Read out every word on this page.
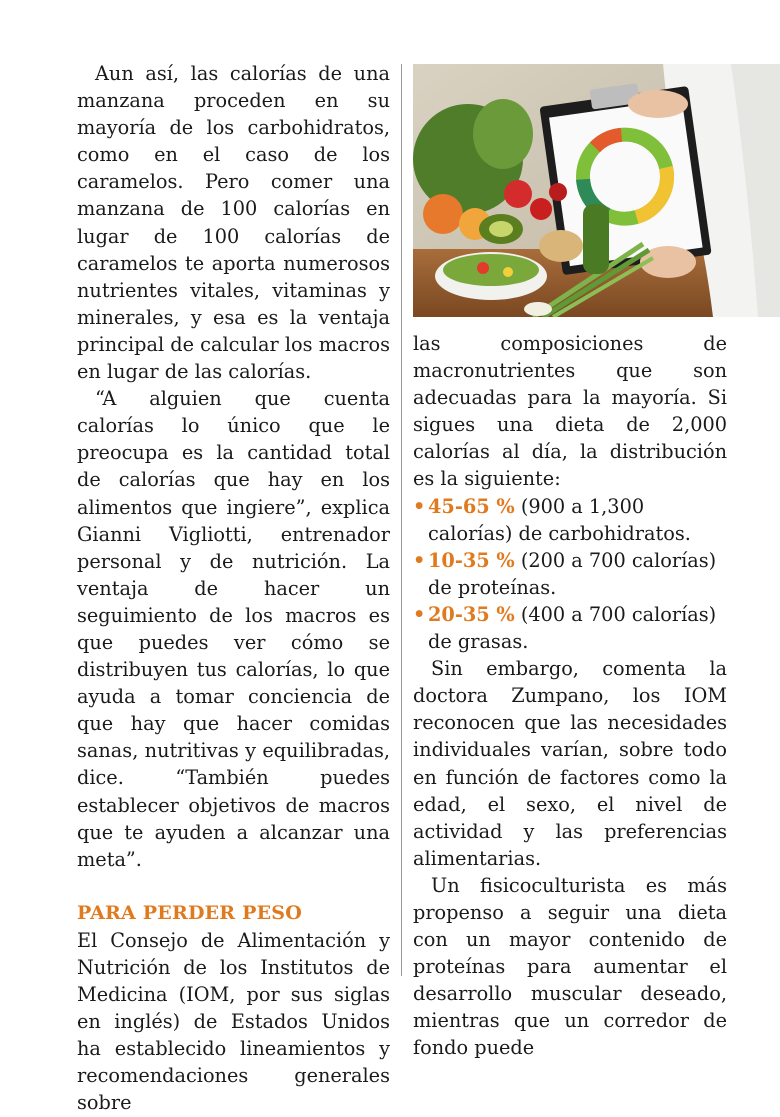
Aun así, las calorías de una manzana proceden en su mayoría de los carbohidratos, como en el caso de los caramelos. Pero comer una manzana de 100 calorías en lugar de 100 calorías de caramelos te aporta numerosos nutrientes vitales, vitaminas y minerales, y esa es la ventaja principal de calcular los macros en lugar de las calorías.

“A alguien que cuenta calorías lo único que le preocupa es la cantidad total de calorías que hay en los alimentos que ingiere”, explica Gianni Vigliotti, entrenador personal y de nutrición. La ventaja de hacer un seguimiento de los macros es que puedes ver cómo se distribuyen tus calorías, lo que ayuda a tomar conciencia de que hay que hacer comidas sanas, nutritivas y equilibradas, dice. “También puedes establecer objetivos de macros que te ayuden a alcanzar una meta”.

PARA PERDER PESO

El Consejo de Alimentación y Nutrición de los Institutos de Medicina (IOM, por sus siglas en inglés) de Estados Unidos ha establecido lineamientos y recomendaciones generales sobre

las composiciones de macronutrientes que son adecuadas para la mayoría. Si sigues una dieta de 2,000 calorías al día, la distribución es la siguiente:

• 45-65 % (900 a 1,300 calorías) de carbohidratos.
• 10-35 % (200 a 700 calorías) de proteínas.
• 20-35 % (400 a 700 calorías) de grasas.

Sin embargo, comenta la doctora Zumpano, los IOM reconocen que las necesidades individuales varían, sobre todo en función de factores como la edad, el sexo, el nivel de actividad y las preferencias alimentarias.

Un fisicoculturista es más propenso a seguir una dieta con un mayor contenido de proteínas para aumentar el desarrollo muscular deseado, mientras que un corredor de fondo puede
